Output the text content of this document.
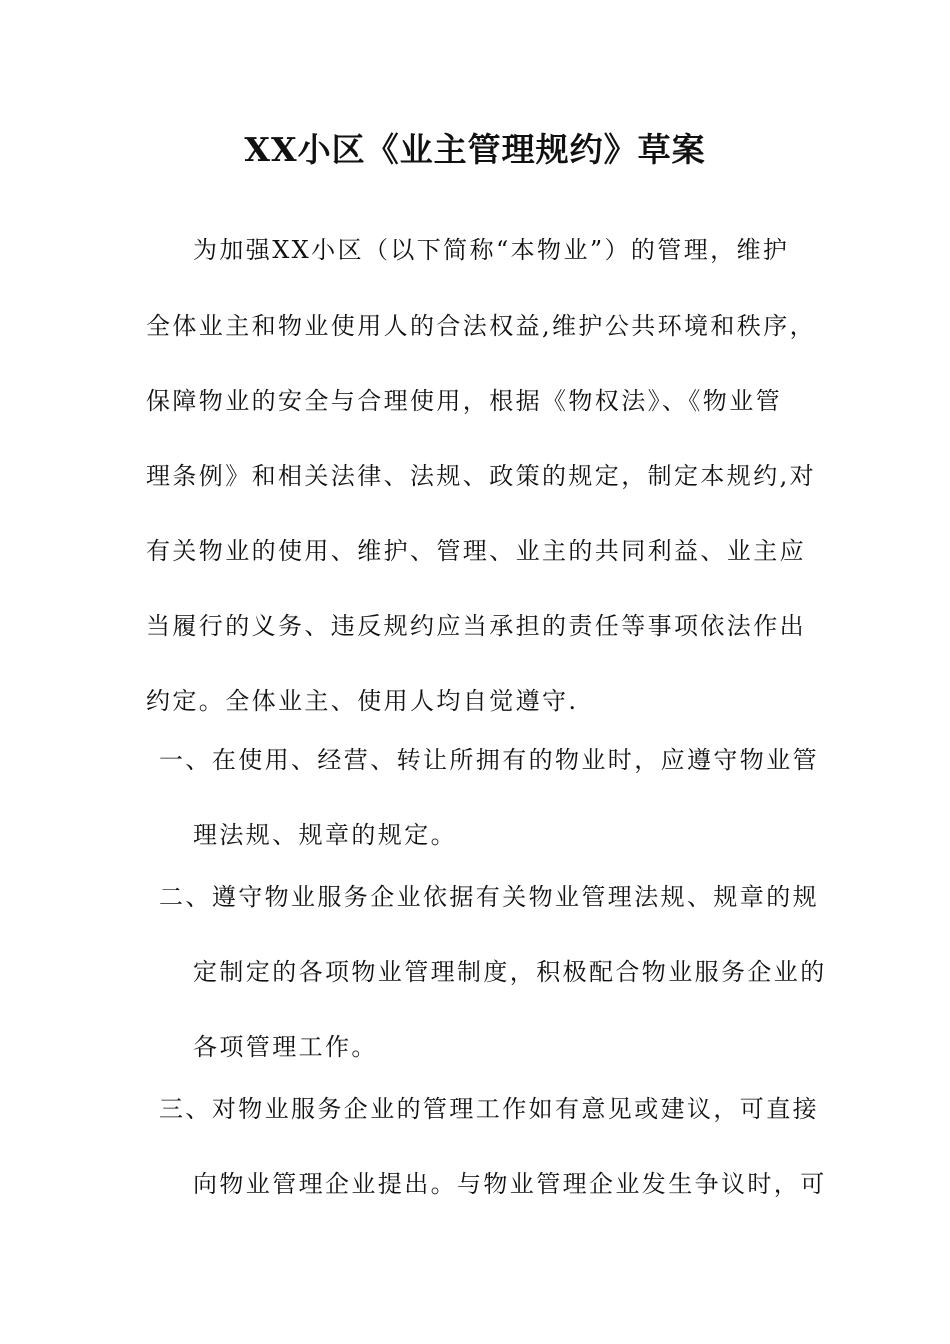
XX小区《业主管理规约》草案
为加强XX小区（以下简称“本物业”）的管理，维护
全体业主和物业使用人的合法权益,维护公共环境和秩序，
保障物业的安全与合理使用，根据《物权法》、《物业管
理条例》和相关法律、法规、政策的规定，制定本规约,对
有关物业的使用、维护、管理、业主的共同利益、业主应
当履行的义务、违反规约应当承担的责任等事项依法作出
约定。全体业主、使用人均自觉遵守.
一、在使用、经营、转让所拥有的物业时，应遵守物业管
理法规、规章的规定。
二、遵守物业服务企业依据有关物业管理法规、规章的规
定制定的各项物业管理制度，积极配合物业服务企业的
各项管理工作。
三、对物业服务企业的管理工作如有意见或建议，可直接
向物业管理企业提出。与物业管理企业发生争议时，可
